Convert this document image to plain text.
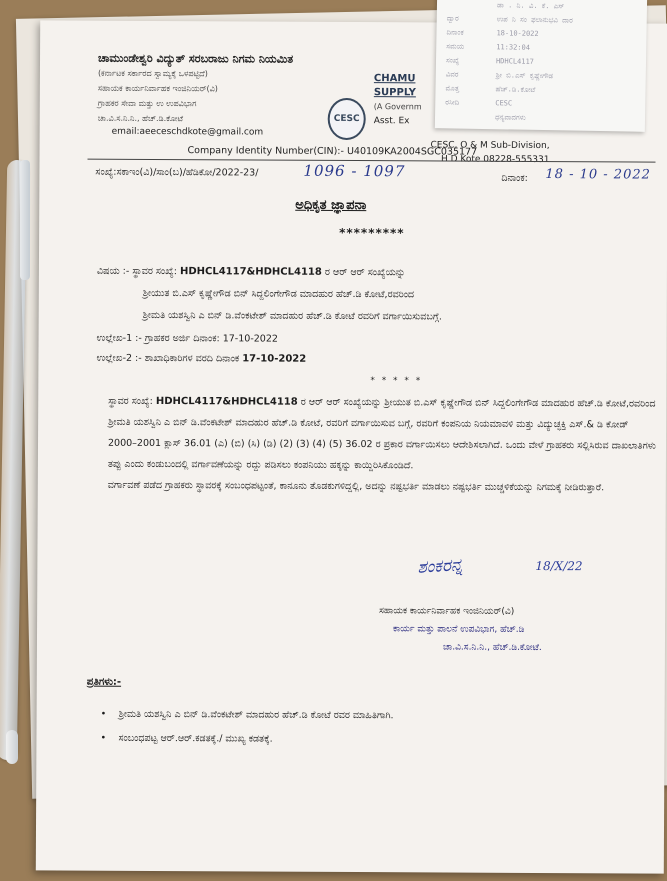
ಚಾಮುಂಡೇಶ್ವರಿ ವಿದ್ಯುತ್ ಸರಬರಾಜು ನಿಗಮ ನಿಯಮಿತ
(ಕರ್ನಾಟಕ ಸರ್ಕಾರದ ಸ್ವಾಮ್ಯಕ್ಕೆ ಒಳಪಟ್ಟಿದೆ)
ಸಹಾಯಕ ಕಾರ್ಯನಿರ್ವಾಹಕ ಇಂಜಿನಿಯರ್(ವಿ)
ಗ್ರಾಹಕರ ಸೇವಾ ಮತ್ತು ಉ ಉಪವಿಭಾಗ
ಚಾ.ವಿ.ಸ.ನಿ.ನಿ., ಹೆಚ್.ಡಿ.ಕೋಟೆ
email:aeeceschdkote@gmail.com
CESC
CHAMU
SUPPLY
(A Governm
Asst. Ex
CESC, O & M Sub-Division,
H D Kote 08228-555331
Company Identity Number(CIN):- U40109KA2004SGC035177
ಸಂಖ್ಯೆ:ಸಕಾಇಂ(ವಿ)/ಸಾಂ(ಬ)/ಹೆಡಿಕೋ/2022-23/	1096 - 1097	ದಿನಾಂಕ: 18 - 10 - 2022
ಅಧಿಕೃತ ಜ್ಞಾಪನಾ
*********
ವಿಷಯ :- ಸ್ಥಾವರ ಸಂಖ್ಯೆ: HDHCL4117&HDHCL4118 ರ ಆರ್ ಆರ್ ಸಂಖ್ಯೆಯನ್ನು
ಶ್ರೀಯುತ ಬಿ.ಎಸ್ ಕೃಷ್ಣೇಗೌಡ ಬಿನ್ ಸಿದ್ದಲಿಂಗೇಗೌಡ ಮಾದಹುರ ಹೆಚ್.ಡಿ ಕೋಟೆ,ರವರಿಂದ
ಶ್ರೀಮತಿ ಯಶಸ್ವಿನಿ ಎ ಬಿನ್ ಡಿ.ವೆಂಕಟೇಶ್ ಮಾದಹುರ ಹೆಚ್.ಡಿ ಕೋಟೆ ರವರಿಗೆ ವರ್ಗಾಯಿಸುವಬಗ್ಗೆ.
ಉಲ್ಲೇಖ-1 :- ಗ್ರಾಹಕರ ಅರ್ಜಿ ದಿನಾಂಕ: 17-10-2022
ಉಲ್ಲೇಖ-2 :- ಶಾಖಾಧಿಕಾರಿಗಳ ವರದಿ ದಿನಾಂಕ 17-10-2022
* * * * *

ಸ್ಥಾವರ ಸಂಖ್ಯೆ: HDHCL4117&HDHCL4118 ರ ಆರ್ ಆರ್ ಸಂಖ್ಯೆಯನ್ನು ಶ್ರೀಯುತ ಬಿ.ಎಸ್ ಕೃಷ್ಣೇಗೌಡ ಬಿನ್ ಸಿದ್ದಲಿಂಗೇಗೌಡ ಮಾದಹುರ ಹೆಚ್.ಡಿ ಕೋಟೆ,ರವರಿಂದ ಶ್ರೀಮತಿ ಯಶಸ್ವಿನಿ ಎ ಬಿನ್ ಡಿ.ವೆಂಕಟೇಶ್ ಮಾದಹುರ ಹೆಚ್.ಡಿ ಕೋಟೆ, ರವರಿಗೆ ವರ್ಗಾಯಿಸುವ ಬಗ್ಗೆ, ರವರಿಗೆ ಕಂಪನಿಯ ನಿಯಮಾವಳಿ ಮತ್ತು ವಿದ್ಯುಚ್ಛಕ್ತಿ ಎಸ್.& ಡಿ ಕೋಡ್ 2000–2001 ಕ್ಲಾಸ್ 36.01 (ಎ) (ಬಿ) (ಸಿ) (ಡಿ) (2) (3) (4) (5) 36.02 ರ ಪ್ರಕಾರ ವರ್ಗಾಯಿಸಲು ಆದೇಶಿಸಲಾಗಿದೆ. ಒಂದು ವೇಳೆ ಗ್ರಾಹಕರು ಸಲ್ಲಿಸಿರುವ ದಾಖಲಾತಿಗಳು ತಪ್ಪು ಎಂದು ಕಂಡುಬಂದಲ್ಲಿ ವರ್ಗಾವಣೆಯನ್ನು ರದ್ದು ಪಡಿಸಲು ಕಂಪನಿಯು ಹಕ್ಕನ್ನು ಕಾಯ್ದಿರಿಸಿಕೊಂಡಿದೆ.

ವರ್ಗಾವಣೆ ಪಡೆದ ಗ್ರಾಹಕರು ಸ್ಥಾವರಕ್ಕೆ ಸಂಬಂಧಪಟ್ಟಂತೆ, ಕಾನೂನು ತೊಡಕುಗಳಿದ್ದಲ್ಲಿ, ಅದನ್ನು ನಷ್ಟಭರ್ತಿ ಮಾಡಲು ನಷ್ಟಭರ್ತಿ ಮುಚ್ಚಳಿಕೆಯನ್ನು ನಿಗಮಕ್ಕೆ ನೀಡಿರುತ್ತಾರೆ.

ಶಂಕರನ್ನ	18/X/22
ಸಹಾಯಕ ಕಾರ್ಯನಿರ್ವಾಹಕ ಇಂಜಿನಿಯರ್(ವಿ)
ಕಾರ್ಯ ಮತ್ತು ಪಾಲನೆ ಉಪವಿಭಾಗ, ಹೆಚ್.ಡಿ
ಚಾ.ವಿ.ಸ.ನಿ.ನಿ., ಹೆಚ್.ಡಿ.ಕೋಟೆ.
ಪ್ರತಿಗಳು:-
• ಶ್ರೀಮತಿ ಯಶಸ್ವಿನಿ ಎ ಬಿನ್ ಡಿ.ವೆಂಕಟೇಶ್ ಮಾದಹುರ ಹೆಚ್.ಡಿ ಕೋಟೆ ರವರ ಮಾಹಿತಿಗಾಗಿ.
• ಸಂಬಂಧಪಟ್ಟ ಆರ್.ಆರ್.ಕಡತಕ್ಕೆ./ ಮುಖ್ಯ ಕಡತಕ್ಕೆ.
ಡಾ . ನಿ. ವಿ. ಕೆ. ಎಸ್
ದ್ವಾರ	ಉಪ ನಿ ಸಂ ಫಲಾನುಭವಿ ದಾರ
ದಿನಾಂಕ	18-10-2022
ಸಮಯ	11:32:04
ಸಂಖ್ಯೆ	HDHCL4117
ವಿವರ	ಶ್ರೀ ಬಿ.ಎಸ್ ಕೃಷ್ಣೇಗೌಡ
ಮೊತ್ತ	ಹೆಚ್.ಡಿ.ಕೋಟೆ
ರಸೀದಿ	CESC
ಧನ್ಯವಾದಗಳು
